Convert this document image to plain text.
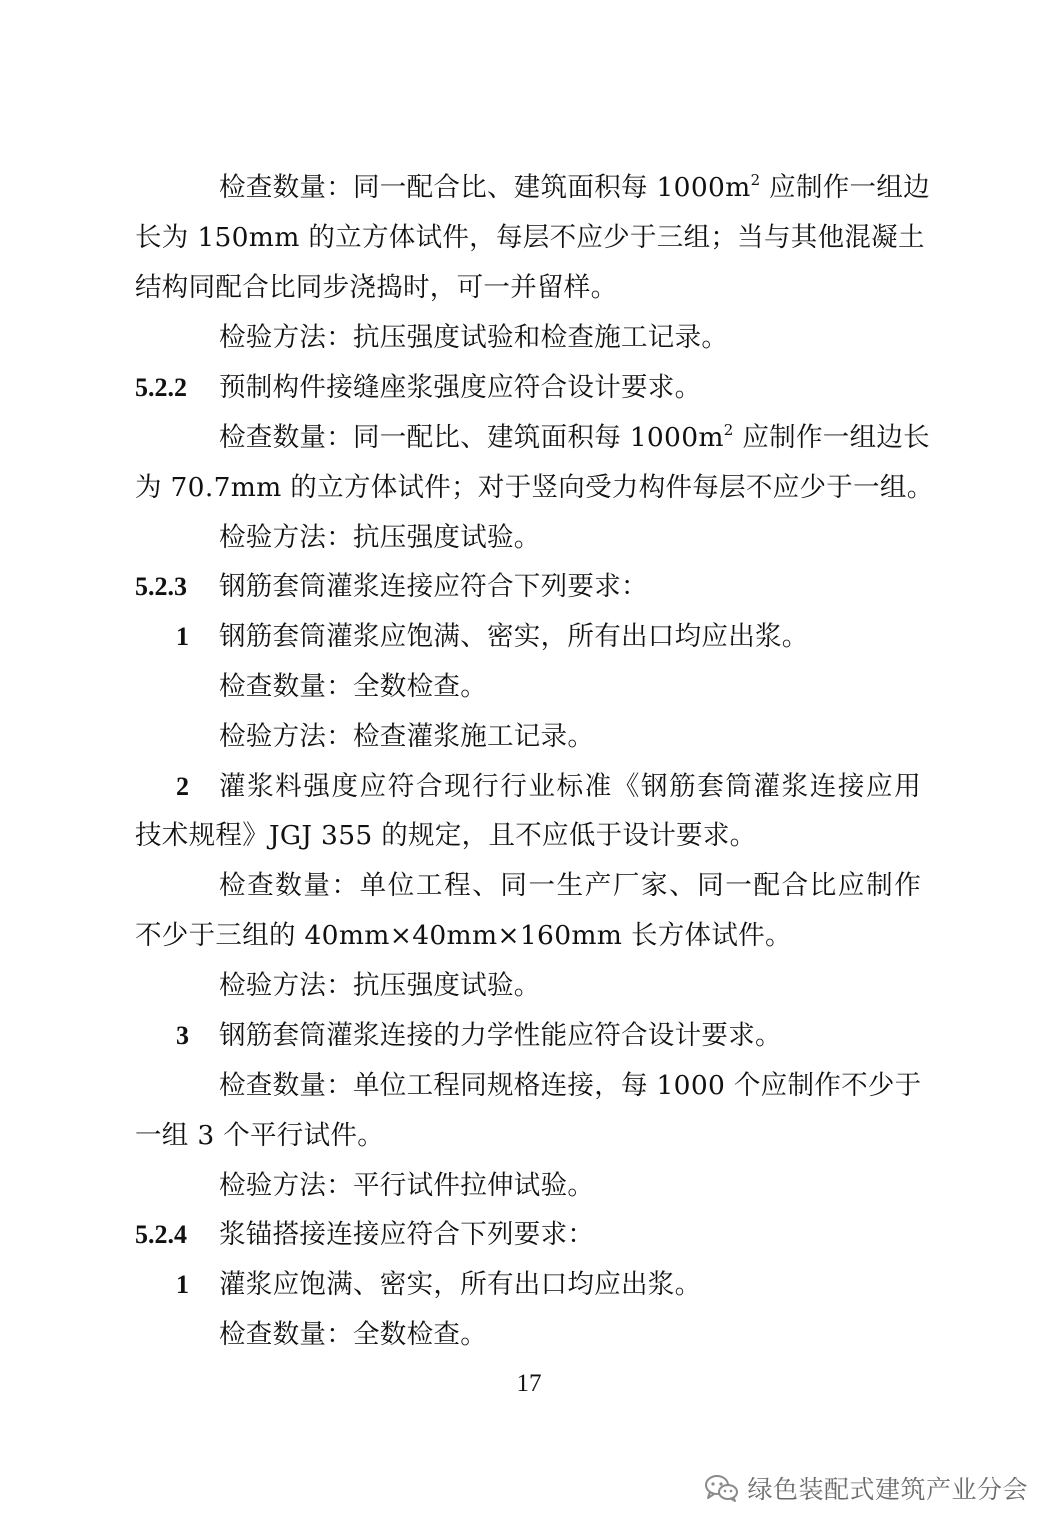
检查数量：同一配合比、建筑面积每 $1000m^2$ 应制作一组边
长为 150mm 的立方体试件，每层不应少于三组；当与其他混凝土
结构同配合比同步浇捣时，可一并留样。
检验方法：抗压强度试验和检查施工记录。
5.2.2 预制构件接缝座浆强度应符合设计要求。
检查数量：同一配比、建筑面积每 $1000m^2$ 应制作一组边长
为 70.7mm 的立方体试件；对于竖向受力构件每层不应少于一组。
检验方法：抗压强度试验。
5.2.3 钢筋套筒灌浆连接应符合下列要求：
1 钢筋套筒灌浆应饱满、密实，所有出口均应出浆。
检查数量：全数检查。
检验方法：检查灌浆施工记录。
2 灌浆料强度应符合现行行业标准《钢筋套筒灌浆连接应用
技术规程》JGJ 355 的规定，且不应低于设计要求。
检查数量：单位工程、同一生产厂家、同一配合比应制作
不少于三组的 40mm×40mm×160mm 长方体试件。
检验方法：抗压强度试验。
3 钢筋套筒灌浆连接的力学性能应符合设计要求。
检查数量：单位工程同规格连接，每 1000 个应制作不少于
一组 3 个平行试件。
检验方法：平行试件拉伸试验。
5.2.4 浆锚搭接连接应符合下列要求：
1 灌浆应饱满、密实，所有出口均应出浆。
检查数量：全数检查。
17
绿色装配式建筑产业分会
